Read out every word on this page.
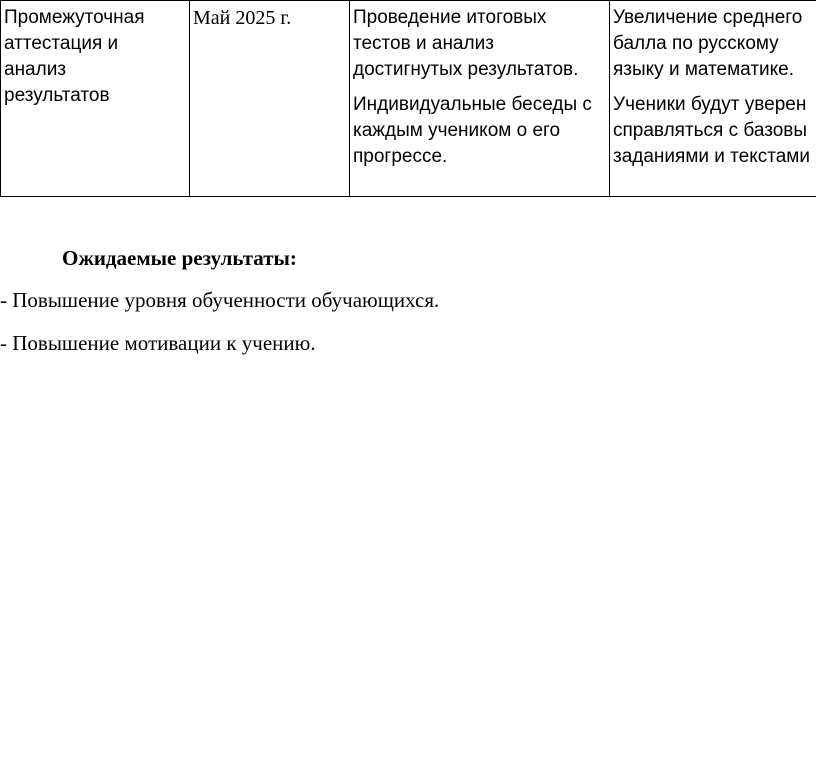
Промежуточная
аттестация и
анализ
результатов
Май 2025 г.	Проведение итоговых
тестов и анализ
достигнутых результатов.
Индивидуальные беседы с
каждым учеником о его
прогрессе.
Увеличение среднего
балла по русскому
языку и математике.
Ученики будут уверен
справляться с базовы
заданиями и текстами

Ожидаемые результаты:

- Повышение уровня обученности обучающихся.

- Повышение мотивации к учению.
